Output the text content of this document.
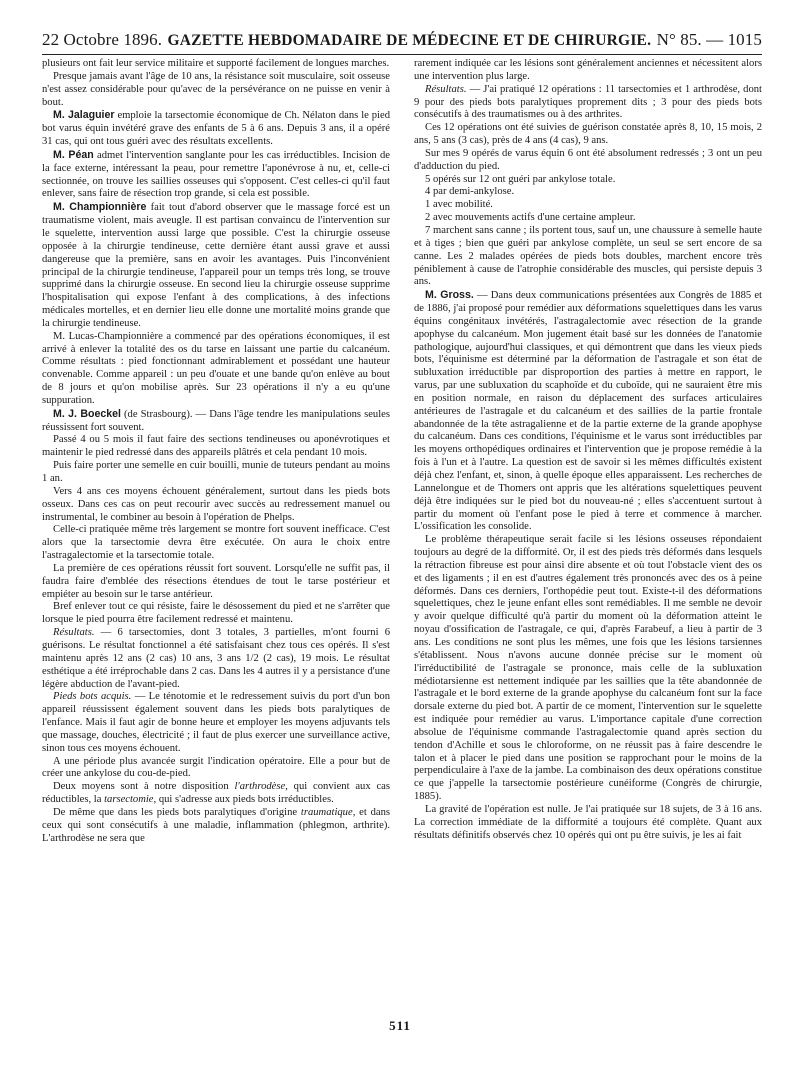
22 Octobre 1896. GAZETTE HEBDOMADAIRE DE MÉDECINE ET DE CHIRURGIE. N° 85. — 1015

plusieurs ont fait leur service militaire et supporté facilement de longues marches.

Presque jamais avant l'âge de 10 ans, la résistance soit musculaire, soit osseuse n'est assez considérable pour qu'avec de la persévérance on ne puisse en venir à bout.

M. Jalaguier emploie la tarsectomie économique de Ch. Nélaton dans le pied bot varus équin invétéré grave des enfants de 5 à 6 ans. Depuis 3 ans, il a opéré 31 cas, qui ont tous guéri avec des résultats excellents.

M. Péan admet l'intervention sanglante pour les cas irréductibles. Incision de la face externe, intéressant la peau, pour remettre l'aponévrose à nu, et, celle-ci sectionnée, on trouve les saillies osseuses qui s'opposent. C'est celles-ci qu'il faut enlever, sans faire de résection trop grande, si cela est possible.

M. Championnière fait tout d'abord observer que le massage forcé est un traumatisme violent, mais aveugle. Il est partisan convaincu de l'intervention sur le squelette, intervention aussi large que possible. C'est la chirurgie osseuse opposée à la chirurgie tendineuse, cette dernière étant aussi grave et aussi dangereuse que la première, sans en avoir les avantages. Puis l'inconvénient principal de la chirurgie tendineuse, l'appareil pour un temps très long, se trouve supprimé dans la chirurgie osseuse. En second lieu la chirurgie osseuse supprime l'hospitalisation qui expose l'enfant à des complications, à des infections médicales mortelles, et en dernier lieu elle donne une mortalité moins grande que la chirurgie tendineuse.

M. Lucas-Championnière a commencé par des opérations économiques, il est arrivé à enlever la totalité des os du tarse en laissant une partie du calcanéum. Comme résultats : pied fonctionnant admirablement et possédant une hauteur convenable. Comme appareil : un peu d'ouate et une bande qu'on enlève au bout de 8 jours et qu'on mobilise après. Sur 23 opérations il n'y a eu qu'une suppuration.

M. J. Boeckel (de Strasbourg). — Dans l'âge tendre les manipulations seules réussissent fort souvent.

Passé 4 ou 5 mois il faut faire des sections tendineuses ou aponévrotiques et maintenir le pied redressé dans des appareils plâtrés et cela pendant 10 mois.

Puis faire porter une semelle en cuir bouilli, munie de tuteurs pendant au moins 1 an.

Vers 4 ans ces moyens échouent généralement, surtout dans les pieds bots osseux. Dans ces cas on peut recourir avec succès au redressement manuel ou instrumental, le combiner au besoin à l'opération de Phelps.

Celle-ci pratiquée même très largement se montre fort souvent inefficace. C'est alors que la tarsectomie devra être exécutée. On aura le choix entre l'astragalectomie et la tarsectomie totale.

La première de ces opérations réussit fort souvent. Lorsqu'elle ne suffit pas, il faudra faire d'emblée des résections étendues de tout le tarse postérieur et empiéter au besoin sur le tarse antérieur.

Bref enlever tout ce qui résiste, faire le désossement du pied et ne s'arrêter que lorsque le pied pourra être facilement redressé et maintenu.

Résultats. — 6 tarsectomies, dont 3 totales, 3 partielles, m'ont fourni 6 guérisons. Le résultat fonctionnel a été satisfaisant chez tous ces opérés. Il s'est maintenu après 12 ans (2 cas) 10 ans, 3 ans 1/2 (2 cas), 19 mois. Le résultat esthétique a été irréprochable dans 2 cas. Dans les 4 autres il y a persistance d'une légère abduction de l'avant-pied.

Pieds bots acquis. — Le ténotomie et le redressement suivis du port d'un bon appareil réussissent également souvent dans les pieds bots paralytiques de l'enfance. Mais il faut agir de bonne heure et employer les moyens adjuvants tels que massage, douches, électricité ; il faut de plus exercer une surveillance active, sinon tous ces moyens échouent.

A une période plus avancée surgit l'indication opératoire. Elle a pour but de créer une ankylose du cou-de-pied.

Deux moyens sont à notre disposition l'arthrodèse, qui convient aux cas réductibles, la tarsectomie, qui s'adresse aux pieds bots irréductibles.

De même que dans les pieds bots paralytiques d'origine traumatique, et dans ceux qui sont consécutifs à une maladie, inflammation (phlegmon, arthrite). L'arthrodèse ne sera que

rarement indiquée car les lésions sont généralement anciennes et nécessitent alors une intervention plus large.

Résultats. — J'ai pratiqué 12 opérations : 11 tarsectomies et 1 arthrodèse, dont 9 pour des pieds bots paralytiques proprement dits ; 3 pour des pieds bots consécutifs à des traumatismes ou à des arthrites.

Ces 12 opérations ont été suivies de guérison constatée après 8, 10, 15 mois, 2 ans, 5 ans (3 cas), près de 4 ans (4 cas), 9 ans.

Sur mes 9 opérés de varus équin 6 ont été absolument redressés ; 3 ont un peu d'adduction du pied.

5 opérés sur 12 ont guéri par ankylose totale.

4 par demi-ankylose.

1 avec mobilité.

2 avec mouvements actifs d'une certaine ampleur.

7 marchent sans canne ; ils portent tous, sauf un, une chaussure à semelle haute et à tiges ; bien que guéri par ankylose complète, un seul se sert encore de sa canne. Les 2 malades opérées de pieds bots doubles, marchent encore très péniblement à cause de l'atrophie considérable des muscles, qui persiste depuis 3 ans.

M. Gross. — Dans deux communications présentées aux Congrès de 1885 et de 1886, j'ai proposé pour remédier aux déformations squelettiques dans les varus équins congénitaux invétérés, l'astragalectomie avec résection de la grande apophyse du calcanéum. Mon jugement était basé sur les données de l'anatomie pathologique, aujourd'hui classiques, et qui démontrent que dans les vieux pieds bots, l'équinisme est déterminé par la déformation de l'astragale et son état de subluxation irréductible par disproportion des parties à mettre en rapport, le varus, par une subluxation du scaphoïde et du cuboïde, qui ne sauraient être mis en position normale, en raison du déplacement des surfaces articulaires antérieures de l'astragale et du calcanéum et des saillies de la partie frontale abandonnée de la tête astragalienne et de la partie externe de la grande apophyse du calcanéum. Dans ces conditions, l'équinisme et le varus sont irréductibles par les moyens orthopédiques ordinaires et l'intervention que je propose remédie à la fois à l'un et à l'autre. La question est de savoir si les mêmes difficultés existent déjà chez l'enfant, et, sinon, à quelle époque elles apparaissent. Les recherches de Lannelongue et de Thomers ont appris que les altérations squelettiques peuvent déjà être indiquées sur le pied bot du nouveau-né ; elles s'accentuent surtout à partir du moment où l'enfant pose le pied à terre et commence à marcher. L'ossification les consolide.

Le problème thérapeutique serait facile si les lésions osseuses répondaient toujours au degré de la difformité. Or, il est des pieds très déformés dans lesquels la rétraction fibreuse est pour ainsi dire absente et où tout l'obstacle vient des os et des ligaments ; il en est d'autres également très prononcés avec des os à peine déformés. Dans ces derniers, l'orthopédie peut tout. Existe-t-il des déformations squelettiques, chez le jeune enfant elles sont remédiables. Il me semble ne devoir y avoir quelque difficulté qu'à partir du moment où la déformation atteint le noyau d'ossification de l'astragale, ce qui, d'après Farabeuf, a lieu à partir de 3 ans. Les conditions ne sont plus les mêmes, une fois que les lésions tarsiennes s'établissent. Nous n'avons aucune donnée précise sur le moment où l'irréductibilité de l'astragale se prononce, mais celle de la subluxation médiotarsienne est nettement indiquée par les saillies que la tête abandonnée de l'astragale et le bord externe de la grande apophyse du calcanéum font sur la face dorsale externe du pied bot. A partir de ce moment, l'intervention sur le squelette est indiquée pour remédier au varus. L'importance capitale d'une correction absolue de l'équinisme commande l'astragalectomie quand après section du tendon d'Achille et sous le chloroforme, on ne réussit pas à faire descendre le talon et à placer le pied dans une position se rapprochant pour le moins de la perpendiculaire à l'axe de la jambe. La combinaison des deux opérations constitue ce que j'appelle la tarsectomie postérieure cunéiforme (Congrès de chirurgie, 1885).

La gravité de l'opération est nulle. Je l'ai pratiquée sur 18 sujets, de 3 à 16 ans. La correction immédiate de la difformité a toujours été complète. Quant aux résultats définitifs observés chez 10 opérés qui ont pu être suivis, je les ai fait

511
